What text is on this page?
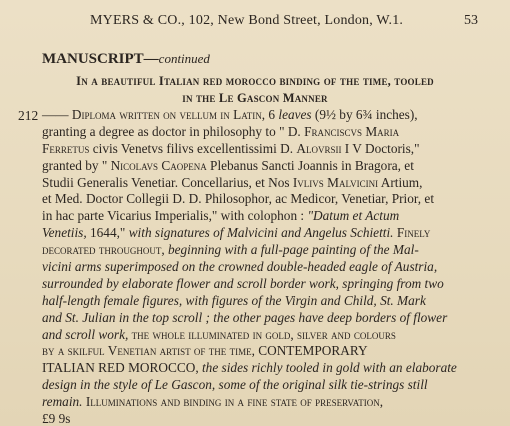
MYERS & CO., 102, New Bond Street, London, W.1.	53
MANUSCRIPT—continued
In a beautiful Italian red morocco binding of the time, tooled
in the Le Gascon Manner
212 —— Diploma written on vellum in Latin, 6 leaves (9½ by 6¾ inches),
granting a degree as doctor in philosophy to " D. Franciscvs Maria
Ferretus civis Venetvs filivs excellentissimi D. Alovrsii I V Doctoris,"
granted by " Nicolavs Caopena Plebanus Sancti Joannis in Bragora, et
Studii Generalis Venetiar. Concellarius, et Nos Ivlivs Malvicini Artium,
et Med. Doctor Collegii D. D. Philosophor, ac Medicor, Venetiar, Prior, et
in hac parte Vicarius Imperialis," with colophon : "Datum et Actum
Venetiis, 1644," with signatures of Malvicini and Angelus Schietti. Finely
decorated throughout, beginning with a full-page painting of the Mal-
vicini arms superimposed on the crowned double-headed eagle of Austria,
surrounded by elaborate flower and scroll border work, springing from two
half-length female figures, with figures of the Virgin and Child, St. Mark
and St. Julian in the top scroll ; the other pages have deep borders of flower
and scroll work, the whole illuminated in gold, silver and colours
by a skilful Venetian artist of the time, CONTEMPORARY
ITALIAN RED MOROCCO, the sides richly tooled in gold with an elaborate
design in the style of Le Gascon, some of the original silk tie-strings still
remain. Illuminations and binding in a fine state of preservation,
£9 9s
